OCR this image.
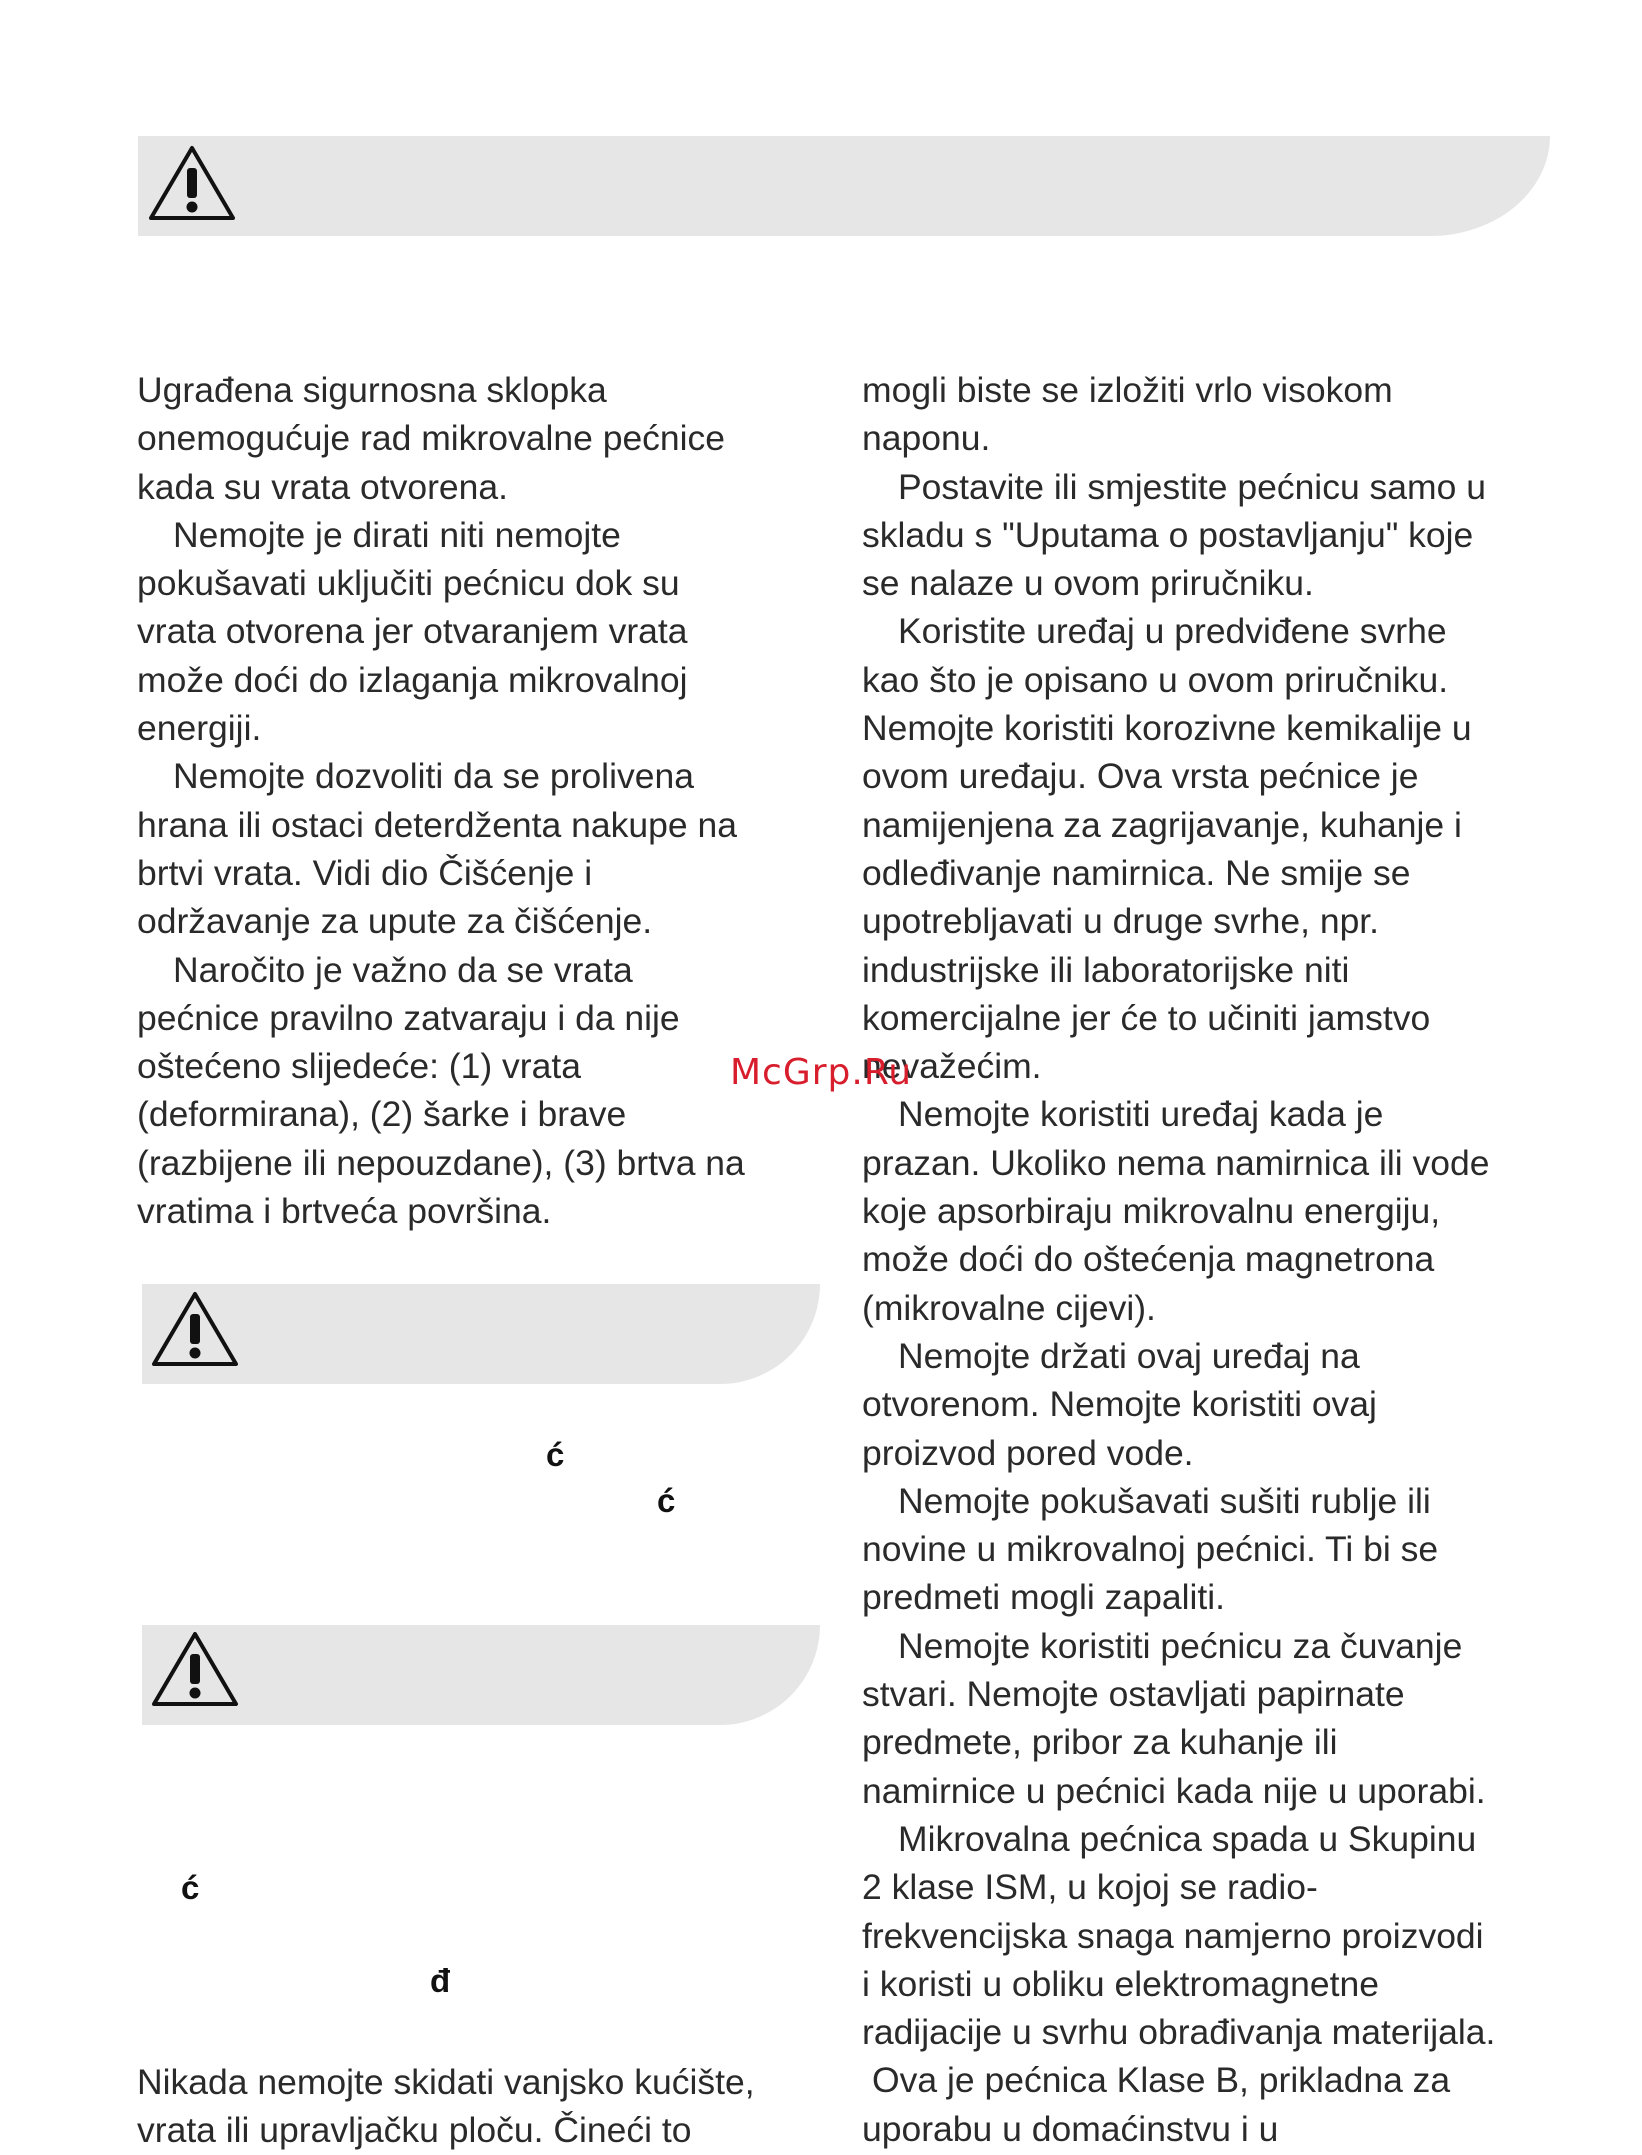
Ugrađena sigurnosna sklopka

onemogućuje rad mikrovalne pećnice

kada su vrata otvorena.

Nemojte je dirati niti nemojte

pokušavati uključiti pećnicu dok su

vrata otvorena jer otvaranjem vrata

može doći do izlaganja mikrovalnoj

energiji.

Nemojte dozvoliti da se prolivena

hrana ili ostaci deterdženta nakupe na

brtvi vrata. Vidi dio Čišćenje i

održavanje za upute za čišćenje.

Naročito je važno da se vrata

pećnice pravilno zatvaraju i da nije

oštećeno slijedeće: (1) vrata

(deformirana), (2) šarke i brave

(razbijene ili nepouzdane), (3) brtva na

vratima i brtveća površina.

ć
ć
ć
đ

Nikada nemojte skidati vanjsko kućište,

vrata ili upravljačku ploču. Čineći to

mogli biste se izložiti vrlo visokom

naponu.

Postavite ili smjestite pećnicu samo u

skladu s "Uputama o postavljanju" koje

se nalaze u ovom priručniku.

Koristite uređaj u predviđene svrhe

kao što je opisano u ovom priručniku.

Nemojte koristiti korozivne kemikalije u

ovom uređaju. Ova vrsta pećnice je

namijenjena za zagrijavanje, kuhanje i

odleđivanje namirnica. Ne smije se

upotrebljavati u druge svrhe, npr.

industrijske ili laboratorijske niti

komercijalne jer će to učiniti jamstvo

nevažećim.

Nemojte koristiti uređaj kada je

prazan. Ukoliko nema namirnica ili vode

koje apsorbiraju mikrovalnu energiju,

može doći do oštećenja magnetrona

(mikrovalne cijevi).

Nemojte držati ovaj uređaj na

otvorenom. Nemojte koristiti ovaj

proizvod pored vode.

Nemojte pokušavati sušiti rublje ili

novine u mikrovalnoj pećnici. Ti bi se

predmeti mogli zapaliti.

Nemojte koristiti pećnicu za čuvanje

stvari. Nemojte ostavljati papirnate

predmete, pribor za kuhanje ili

namirnice u pećnici kada nije u uporabi.

Mikrovalna pećnica spada u Skupinu

2 klase ISM, u kojoj se radio-

frekvencijska snaga namjerno proizvodi

i koristi u obliku elektromagnetne

radijacije u svrhu obrađivanja materijala.

Ova je pećnica Klase B, prikladna za

uporabu u domaćinstvu i u

McGrp.Ru
